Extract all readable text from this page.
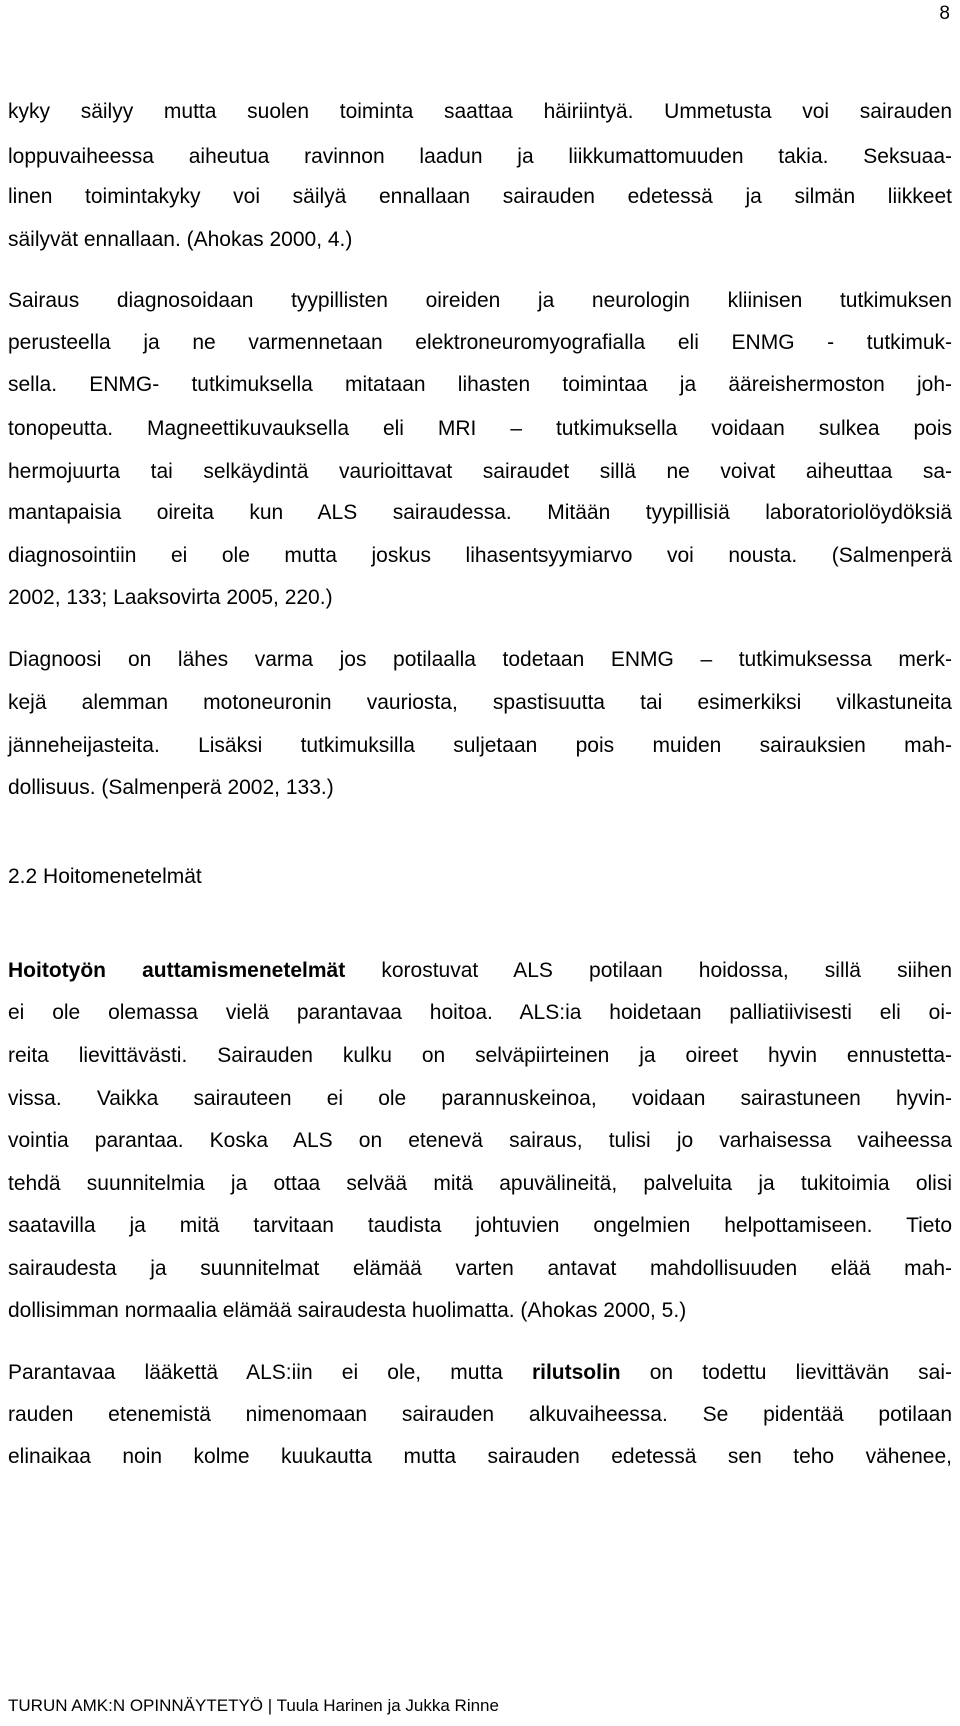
8
kyky säilyy mutta suolen toiminta saattaa häiriintyä. Ummetusta voi sairauden
loppuvaiheessa aiheutua ravinnon laadun ja liikkumattomuuden takia. Seksuaa-
linen toimintakyky voi säilyä ennallaan sairauden edetessä ja silmän liikkeet
säilyvät ennallaan. (Ahokas 2000, 4.)
Sairaus diagnosoidaan tyypillisten oireiden ja neurologin kliinisen tutkimuksen
perusteella ja ne varmennetaan elektroneuromyografialla eli ENMG - tutkimuk-
sella. ENMG- tutkimuksella mitataan lihasten toimintaa ja ääreishermoston joh-
tonopeutta. Magneettikuvauksella eli MRI – tutkimuksella voidaan sulkea pois
hermojuurta tai selkäydintä vaurioittavat sairaudet sillä ne voivat aiheuttaa sa-
mantapaisia oireita kun ALS sairaudessa. Mitään tyypillisiä laboratoriolöydöksiä
diagnosointiin ei ole mutta joskus lihasentsyymiarvo voi nousta. (Salmenperä
2002, 133; Laaksovirta 2005, 220.)
Diagnoosi on lähes varma jos potilaalla todetaan ENMG – tutkimuksessa merk-
kejä alemman motoneuronin vauriosta, spastisuutta tai esimerkiksi vilkastuneita
jänneheijasteita. Lisäksi tutkimuksilla suljetaan pois muiden sairauksien mah-
dollisuus. (Salmenperä 2002, 133.)
2.2 Hoitomenetelmät
Hoitotyön auttamismenetelmät korostuvat ALS potilaan hoidossa, sillä siihen
ei ole olemassa vielä parantavaa hoitoa. ALS:ia hoidetaan palliatiivisesti eli oi-
reita lievittävästi. Sairauden kulku on selväpiirteinen ja oireet hyvin ennustetta-
vissa. Vaikka sairauteen ei ole parannuskeinoa, voidaan sairastuneen hyvin-
vointia parantaa. Koska ALS on etenevä sairaus, tulisi jo varhaisessa vaiheessa
tehdä suunnitelmia ja ottaa selvää mitä apuvälineitä, palveluita ja tukitoimia olisi
saatavilla ja mitä tarvitaan taudista johtuvien ongelmien helpottamiseen. Tieto
sairaudesta ja suunnitelmat elämää varten antavat mahdollisuuden elää mah-
dollisimman normaalia elämää sairaudesta huolimatta. (Ahokas 2000, 5.)
Parantavaa lääkettä ALS:iin ei ole, mutta rilutsolin on todettu lievittävän sai-
rauden etenemistä nimenomaan sairauden alkuvaiheessa. Se pidentää potilaan
elinaikaa noin kolme kuukautta mutta sairauden edetessä sen teho vähenee,
TURUN AMK:N OPINNÄYTETYÖ | Tuula Harinen ja Jukka Rinne
